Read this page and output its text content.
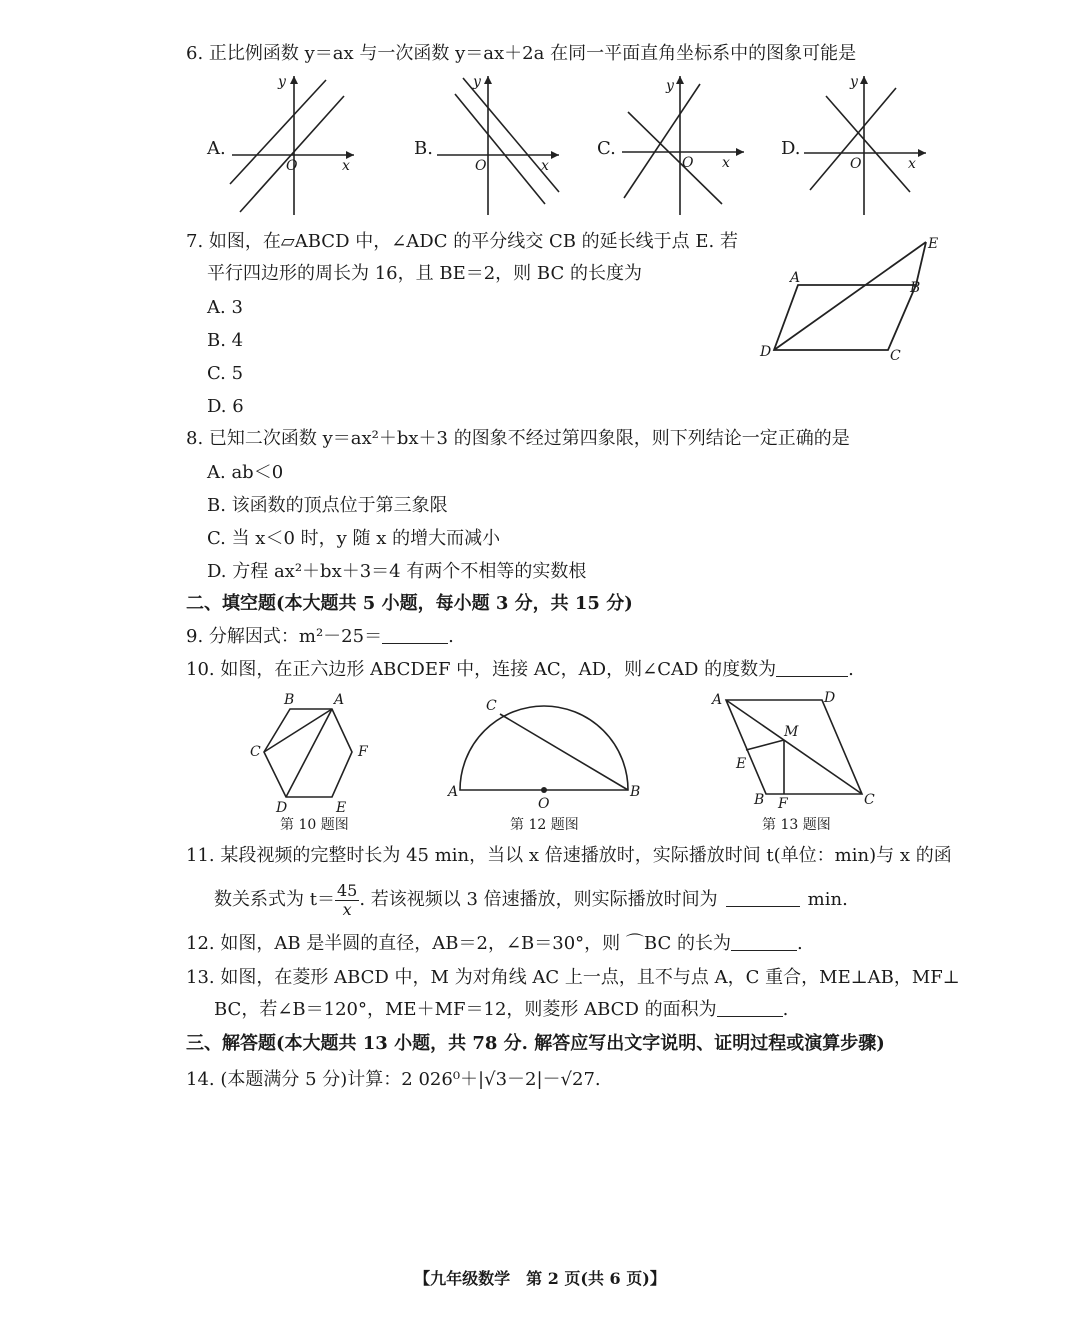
6. 正比例函数 y＝ax 与一次函数 y＝ax＋2a 在同一平面直角坐标系中的图象可能是
A.
y
x
O
B.
y
x
O
C.
y
x
O
D.
y
x
O
7. 如图，在▱ABCD 中，∠ADC 的平分线交 CB 的延长线于点 E. 若
平行四边形的周长为 16，且 BE＝2，则 BC 的长度为
A. 3
B. 4
C. 5
D. 6
A
B
C
D
E
8. 已知二次函数 y＝ax²＋bx＋3 的图象不经过第四象限，则下列结论一定正确的是
A. ab＜0
B. 该函数的顶点位于第三象限
C. 当 x＜0 时，y 随 x 的增大而减小
D. 方程 ax²＋bx＋3＝4 有两个不相等的实数根
二、填空题(本大题共 5 小题，每小题 3 分，共 15 分)
9. 分解因式：m²－25＝	.
10. 如图，在正六边形 ABCDEF 中，连接 AC，AD，则∠CAD 的度数为	.
B	A
C	F
D	E
第 10 题图
C
A	B
O
第 12 题图
A	D
M
E
B F	C
第 13 题图
11. 某段视频的完整时长为 45 min，当以 x 倍速播放时，实际播放时间 t(单位：min)与 x 的函
数关系式为 $t= \frac{45}{x}$ . 若该视频以 3 倍速播放，则实际播放时间为	min.
12. 如图，AB 是半圆的直径，AB＝2，∠B＝30°，则 ⌒BC 的长为	.
13. 如图，在菱形 ABCD 中，M 为对角线 AC 上一点，且不与点 A，C 重合，ME⊥AB，MF⊥
BC，若∠B＝120°，ME＋MF＝12，则菱形 ABCD 的面积为	.
三、解答题(本大题共 13 小题，共 78 分. 解答应写出文字说明、证明过程或演算步骤)
14. (本题满分 5 分)计算：2 026⁰＋|√3－2|－√27.
【九年级数学　第 2 页(共 6 页)】
